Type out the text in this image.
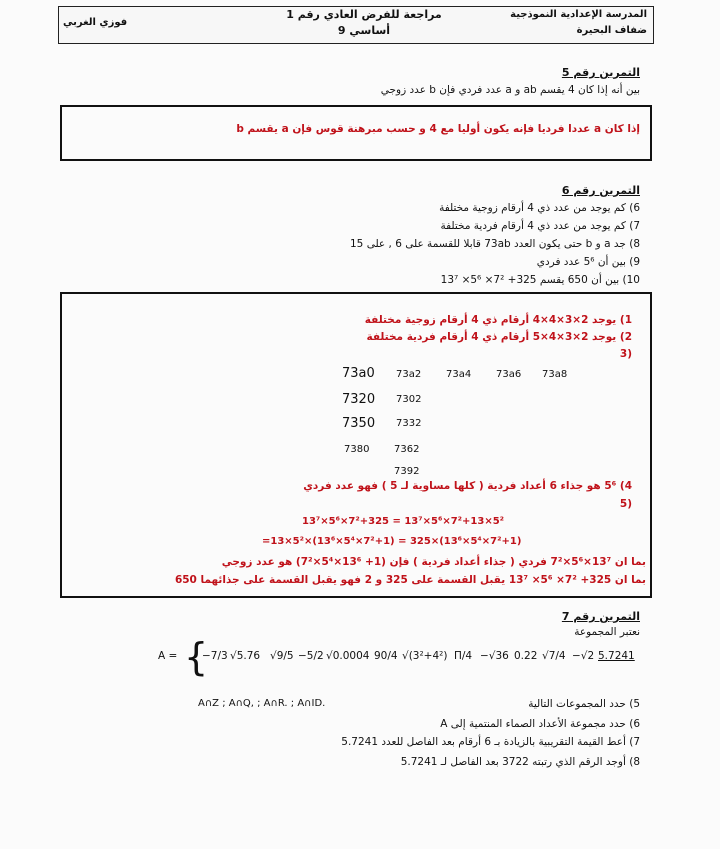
المدرسة الإعدادية النموذجية
ضفاف البحيرة
مراجعة للفرض العادي رقم 1
9 أساسي
فوزي الغربي
التمرين رقم 5
بين أنه إذا كان 4 يقسم ab و a عدد فردي فإن b عدد زوجي
إذا كان a عددا فرديا فإنه يكون أوليا مع 4 و حسب مبرهنة قوس فإن a يقسم b
التمرين رقم 6
6) كم يوجد من عدد ذي 4 أرقام زوجية مختلفة
7) كم يوجد من عدد ذي 4 أرقام فردية مختلفة
8) جد a و b حتى يكون العدد 73ab قابلا للقسمة على 6 , على 15
9) بين أن 5⁶ عدد فردي
10) بين أن 650 يقسم 325+ 7²× 5⁶× 13⁷
1) يوجد 2×3×4×4 أرقام ذي 4 أرقام زوجية مختلفة
2) يوجد 2×3×4×5 أرقام ذي 4 أرقام فردية مختلفة
(3
73a0 73a2 73a4 73a6 73a8
7320 7302
7350 7332
7380 7362
7392
4) 5⁶ هو جذاء 6 أعداد فردية ( كلها مساوية لـ 5 ) فهو عدد فردي
(5
13⁷×5⁶×7²+325 = 13⁷×5⁶×7²+13×5²
=13×5²×(13⁶×5⁴×7²+1) = 325×(13⁶×5⁴×7²+1)
بما ان 13⁷×5⁶×7² فردي ( جذاء أعداد فردية ) فإن (1+ 13⁶×5⁴×7²) هو عدد زوجي
بما ان 325+ 7²× 5⁶× 13⁷ يقبل القسمة على 325 و 2 فهو يقبل القسمة على جذائهما 650
التمرين رقم 7
نعتبر المجموعة
A = {
−7/3 √5.76 √9/5 −5/2 √0.0004 90/4 √(3²+4²) Π/4 −√36 0.22 √7/4 −√2 5.7241
A∩Z ; A∩Q, ; A∩R. ; A∩ID.	5) حدد المجموعات التالية
6) حدد مجموعة الأعداد الصماء المنتمية إلى A
7) أعط القيمة التقريبية بالزيادة بـ 6 أرقام بعد الفاصل للعدد 5.7241
8) أوجد الرقم الذي رتبته 3722 بعد الفاصل لـ 5.7241
